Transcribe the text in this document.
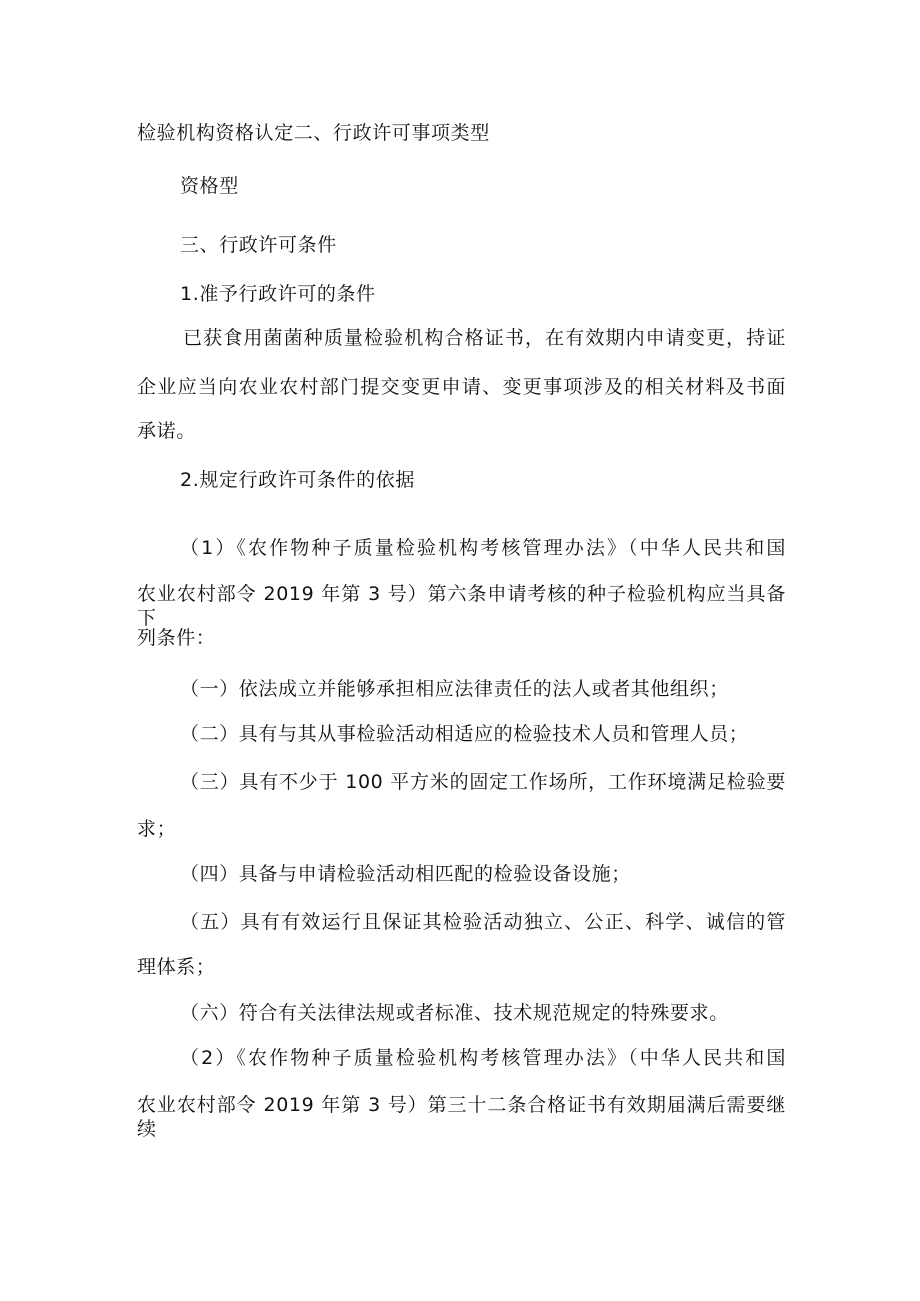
检验机构资格认定二、行政许可事项类型
资格型
三、行政许可条件
1.准予行政许可的条件
已获食用菌菌种质量检验机构合格证书，在有效期内申请变更，持证
企业应当向农业农村部门提交变更申请、变更事项涉及的相关材料及书面
承诺。
2.规定行政许可条件的依据
（1）《农作物种子质量检验机构考核管理办法》（中华人民共和国
农业农村部令 2019 年第 3 号）第六条申请考核的种子检验机构应当具备下
列条件：
（一）依法成立并能够承担相应法律责任的法人或者其他组织；
（二）具有与其从事检验活动相适应的检验技术人员和管理人员；
（三）具有不少于 100 平方米的固定工作场所，工作环境满足检验要
求；
（四）具备与申请检验活动相匹配的检验设备设施；
（五）具有有效运行且保证其检验活动独立、公正、科学、诚信的管
理体系；
（六）符合有关法律法规或者标准、技术规范规定的特殊要求。
（2）《农作物种子质量检验机构考核管理办法》（中华人民共和国
农业农村部令 2019 年第 3 号）第三十二条合格证书有效期届满后需要继续
